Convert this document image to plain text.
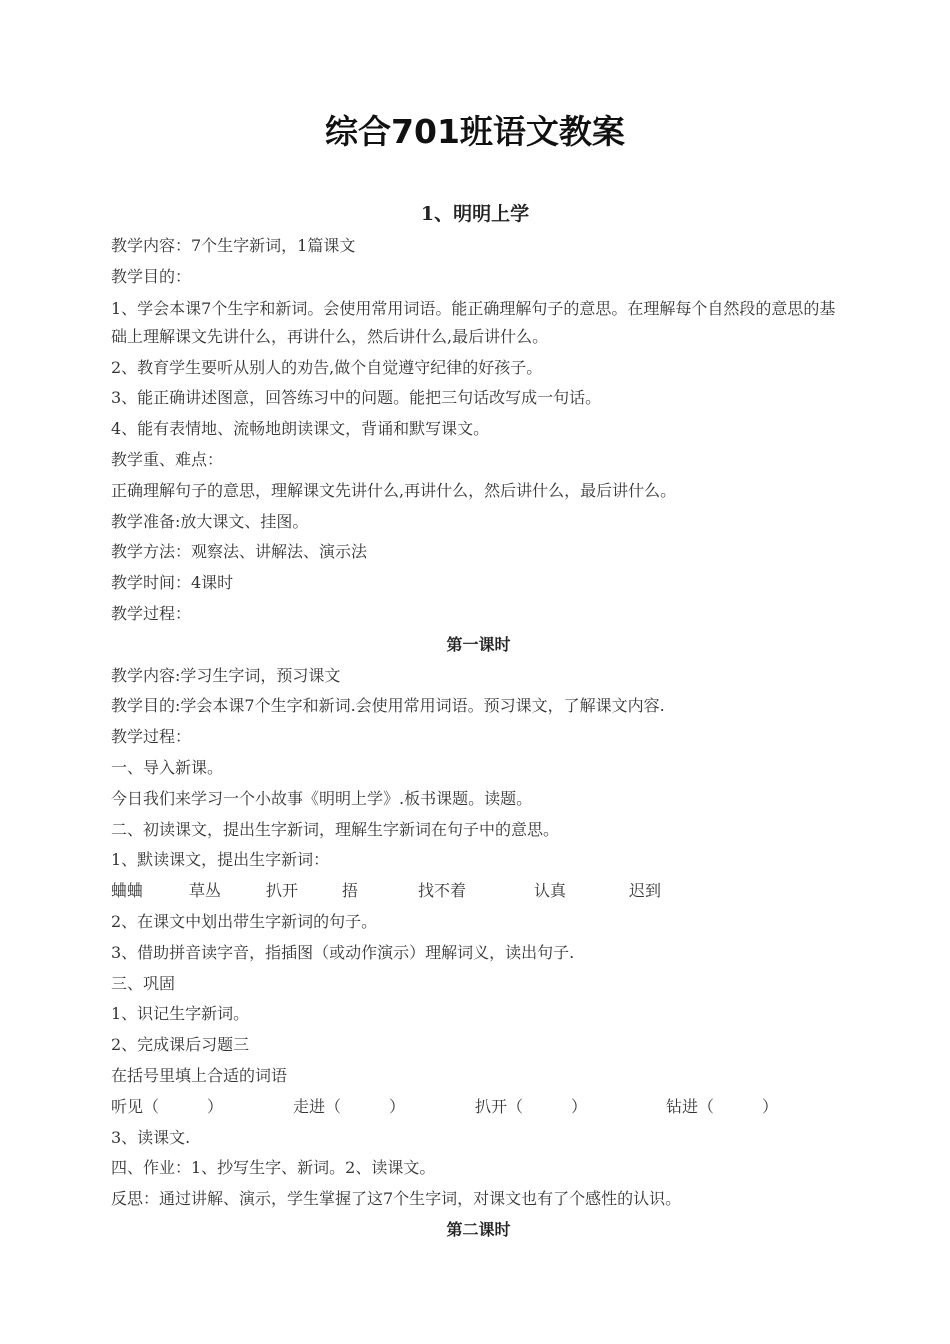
综合701班语文教案
1、明明上学
教学内容：7个生字新词，1篇课文
教学目的：
1、学会本课7个生字和新词。会使用常用词语。能正确理解句子的意思。在理解每个自然段的意思的基础上理解课文先讲什么，再讲什么，然后讲什么,最后讲什么。
2、教育学生要听从别人的劝告,做个自觉遵守纪律的好孩子。
3、能正确讲述图意，回答练习中的问题。能把三句话改写成一句话。
4、能有表情地、流畅地朗读课文，背诵和默写课文。
教学重、难点：
正确理解句子的意思，理解课文先讲什么,再讲什么，然后讲什么，最后讲什么。
教学准备:放大课文、挂图。
教学方法：观察法、讲解法、演示法
教学时间：4课时
教学过程：
第一课时
教学内容:学习生字词，预习课文
教学目的:学会本课7个生字和新词.会使用常用词语。预习课文，了解课文内容.
教学过程：
一、导入新课。
今日我们来学习一个小故事《明明上学》.板书课题。读题。
二、初读课文，提出生字新词，理解生字新词在句子中的意思。
1、默读课文，提出生字新词：
蛐蛐	草丛	扒开	捂	找不着	认真	迟到
2、在课文中划出带生字新词的句子。
3、借助拼音读字音，指插图（或动作演示）理解词义，读出句子.
三、巩固
1、识记生字新词。
2、完成课后习题三
在括号里填上合适的词语
听见（　　　）	走进（　　　）	扒开（　　　）	钻进（　　　）
3、读课文.
四、作业：1、抄写生字、新词。2、读课文。
反思：通过讲解、演示，学生掌握了这7个生字词，对课文也有了个感性的认识。
第二课时
